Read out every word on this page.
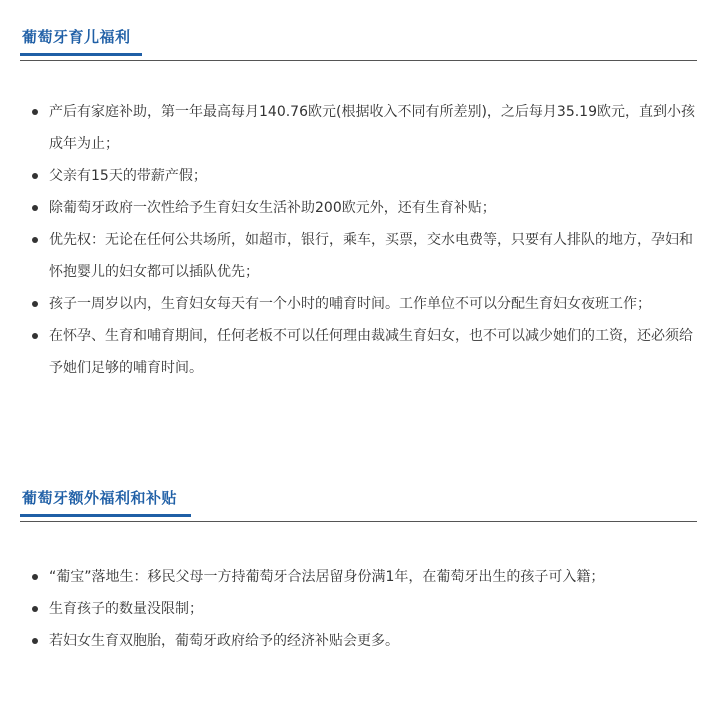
葡萄牙育儿福利
产后有家庭补助，第一年最高每月140.76欧元(根据收入不同有所差别)，之后每月35.19欧元，直到小孩成年为止；
父亲有15天的带薪产假；
除葡萄牙政府一次性给予生育妇女生活补助200欧元外，还有生育补贴；
优先权：无论在任何公共场所，如超市，银行，乘车，买票，交水电费等，只要有人排队的地方，孕妇和怀抱婴儿的妇女都可以插队优先；
孩子一周岁以内，生育妇女每天有一个小时的哺育时间。工作单位不可以分配生育妇女夜班工作；
在怀孕、生育和哺育期间，任何老板不可以任何理由裁减生育妇女，也不可以减少她们的工资，还必须给予她们足够的哺育时间。
葡萄牙额外福利和补贴
“葡宝”落地生：移民父母一方持葡萄牙合法居留身份满1年，在葡萄牙出生的孩子可入籍；
生育孩子的数量没限制；
若妇女生育双胞胎，葡萄牙政府给予的经济补贴会更多。
